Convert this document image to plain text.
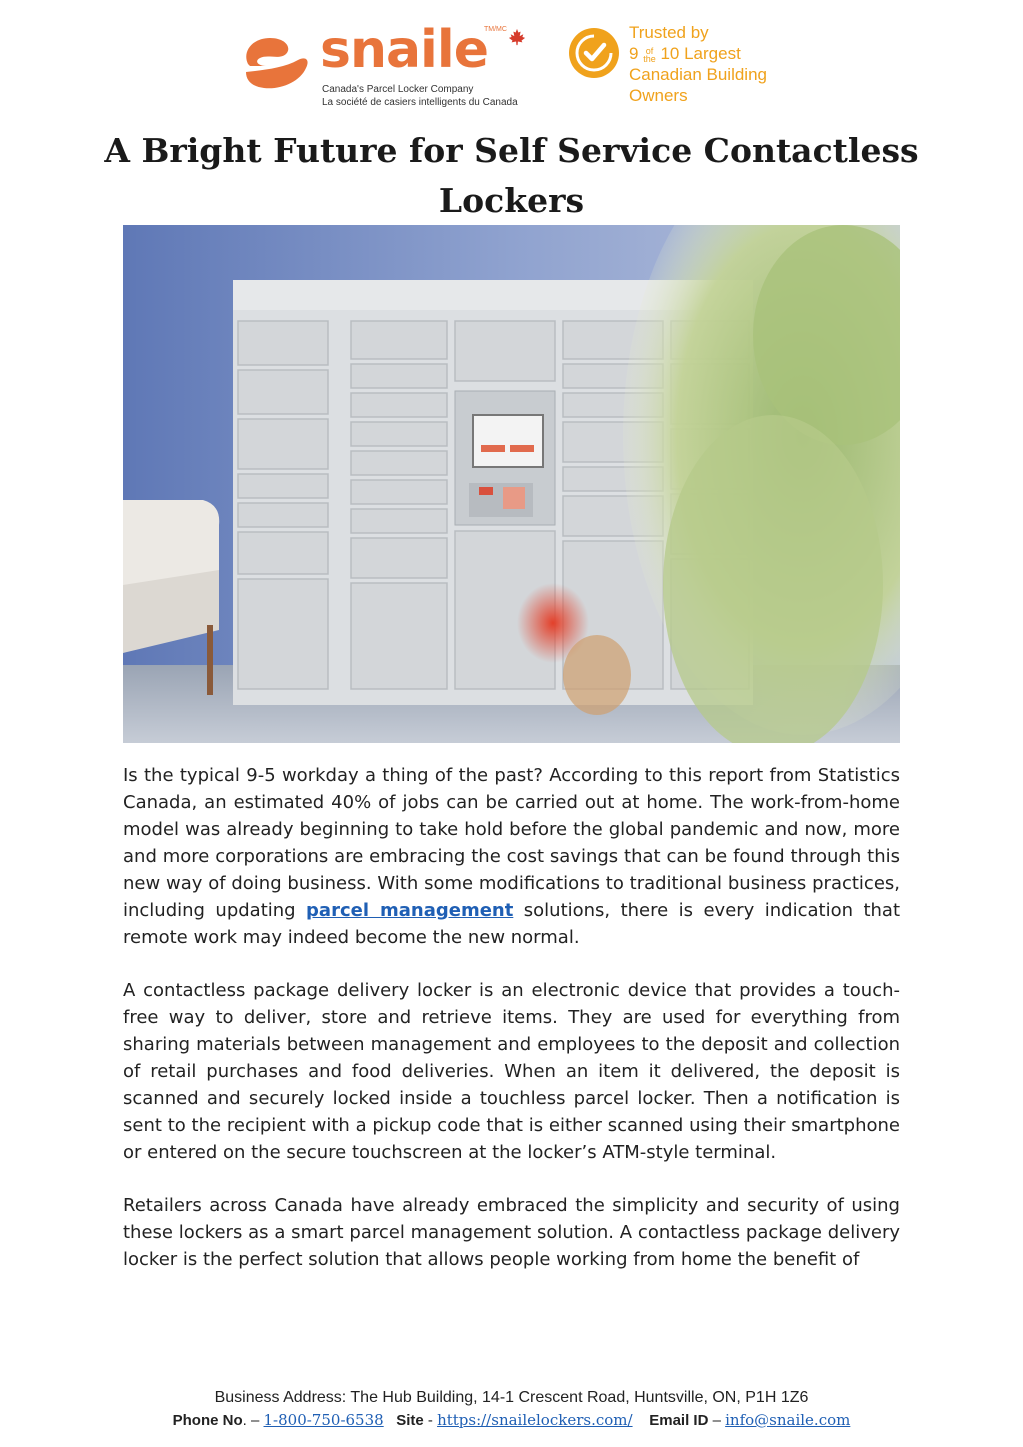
snaile
TM/MC
Canada's Parcel Locker Company
La société de casiers intelligents du Canada
Trusted by
9 of
the 10 Largest
Canadian Building
Owners
A Bright Future for Self Service Contactless Lockers

Is the typical 9-5 workday a thing of the past? According to this report from Statistics Canada, an estimated 40% of jobs can be carried out at home. The work-from-home model was already beginning to take hold before the global pandemic and now, more and more corporations are embracing the cost savings that can be found through this new way of doing business. With some modifications to traditional business practices, including updating parcel management solutions, there is every indication that remote work may indeed become the new normal.

A contactless package delivery locker is an electronic device that provides a touch-free way to deliver, store and retrieve items. They are used for everything from sharing materials between management and employees to the deposit and collection of retail purchases and food deliveries. When an item it delivered, the deposit is scanned and securely locked inside a touchless parcel locker. Then a notification is sent to the recipient with a pickup code that is either scanned using their smartphone or entered on the secure touchscreen at the locker’s ATM-style terminal.

Retailers across Canada have already embraced the simplicity and security of using these lockers as a smart parcel management solution. A contactless package delivery locker is the perfect solution that allows people working from home the benefit of

Business Address: The Hub Building, 14-1 Crescent Road, Huntsville, ON, P1H 1Z6
Phone No. – 1-800-750-6538 Site - https://snailelockers.com/ Email ID – info@snaile.com
